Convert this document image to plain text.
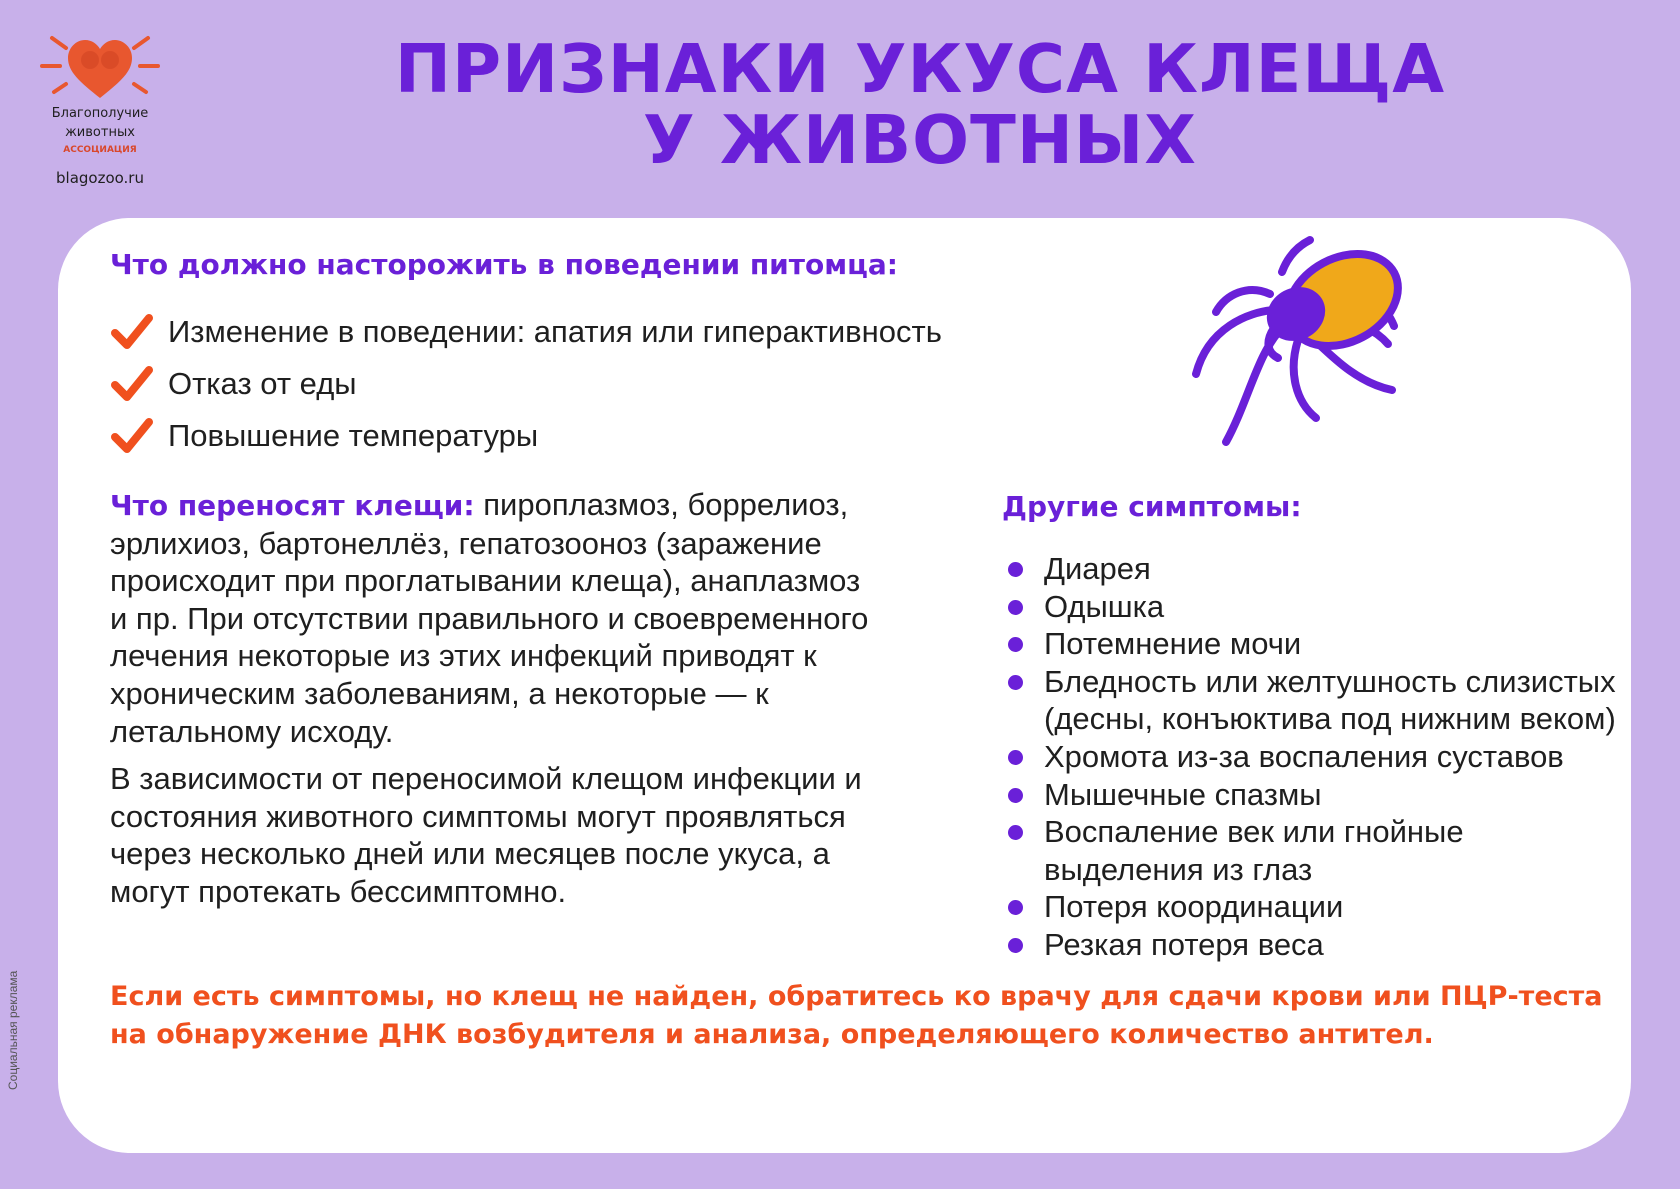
Благополучие
животных
АССОЦИАЦИЯ
blagozoo.ru
ПРИЗНАКИ УКУСА КЛЕЩА
У ЖИВОТНЫХ
Что должно насторожить в поведении питомца:
Изменение в поведении: апатия или гиперактивность
Отказ от еды
Повышение температуры

Что переносят клещи: пироплазмоз, боррелиоз, эрлихиоз, бартонеллёз, гепатозооноз (заражение происходит при проглатывании клеща), анаплазмоз и пр. При отсутствии правильного и своевременного лечения некоторые из этих инфекций приводят к хроническим заболеваниям, а некоторые — к летальному исходу.

В зависимости от переносимой клещом инфекции и состояния животного симптомы могут проявляться через несколько дней или месяцев после укуса, а могут протекать бессимптомно.

Другие симптомы:
Диарея
Одышка
Потемнение мочи
Бледность или желтушность слизистых (десны, конъюктива под нижним веком)
Хромота из-за воспаления суставов
Мышечные спазмы
Воспаление век или гнойные выделения из глаз
Потеря координации
Резкая потеря веса
Если есть симптомы, но клещ не найден, обратитесь ко врачу для сдачи крови или ПЦР-теста на обнаружение ДНК возбудителя и анализа, определяющего количество антител.
Социальная реклама
